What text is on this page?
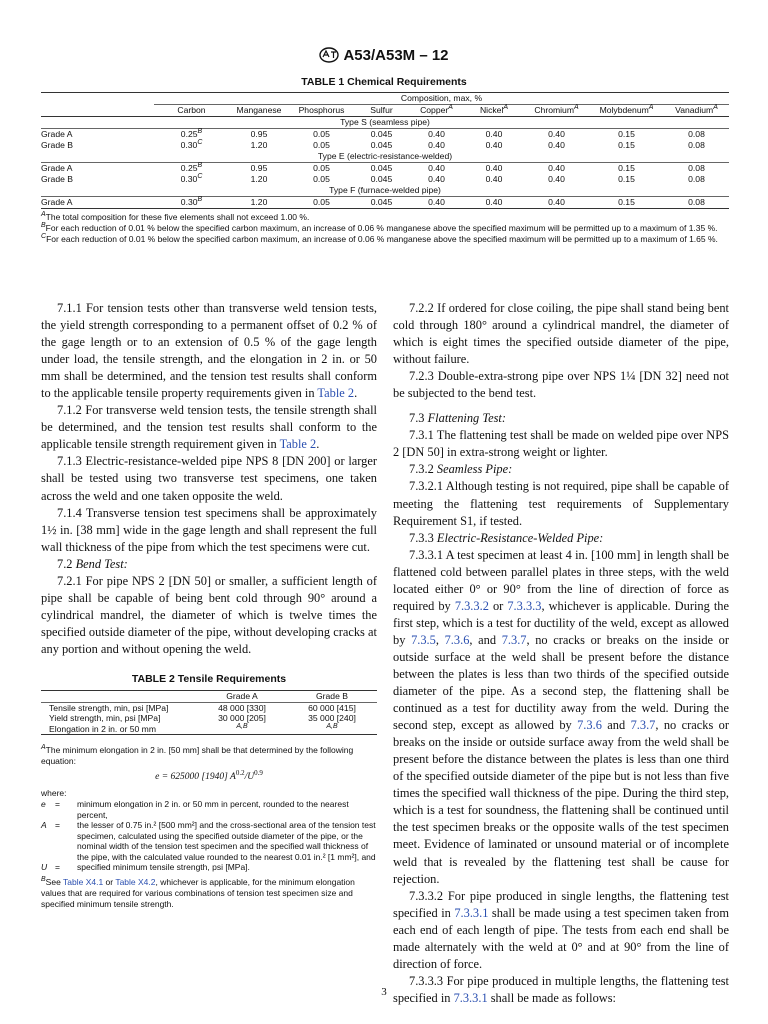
A53/A53M – 12
TABLE 1 Chemical Requirements
	Composition, max, %								
	Carbon	Manganese	Phosphorus	Sulfur	Copper$^A$	Nickel$^A$	Chromium$^A$	Molybdenum$^A$	Vanadium$^A$
Type S (seamless pipe)									
Grade A	$0.25^B$	0.95	0.05	0.045	0.40	0.40	0.40	0.15	0.08
Grade B	$0.30^C$	1.20	0.05	0.045	0.40	0.40	0.40	0.15	0.08
Type E (electric-resistance-welded)									
Grade A	$0.25^B$	0.95	0.05	0.045	0.40	0.40	0.40	0.15	0.08
Grade B	$0.30^C$	1.20	0.05	0.045	0.40	0.40	0.40	0.15	0.08
Type F (furnace-welded pipe)									
Grade A	$0.30^B$	1.20	0.05	0.045	0.40	0.40	0.40	0.15	0.08
$^A$The total composition for these five elements shall not exceed 1.00 %.
$^B$For each reduction of 0.01 % below the specified carbon maximum, an increase of 0.06 % manganese above the specified maximum will be permitted up to a maximum of 1.35 %.
$^C$For each reduction of 0.01 % below the specified carbon maximum, an increase of 0.06 % manganese above the specified maximum will be permitted up to a maximum of 1.65 %.

7.1.1 For tension tests other than transverse weld tension tests, the yield strength corresponding to a permanent offset of 0.2 % of the gage length or to an extension of 0.5 % of the gage length under load, the tensile strength, and the elongation in 2 in. or 50 mm shall be determined, and the tension test results shall conform to the applicable tensile property requirements given in Table 2.

7.1.2 For transverse weld tension tests, the tensile strength shall be determined, and the tension test results shall conform to the applicable tensile strength requirement given in Table 2.

7.1.3 Electric-resistance-welded pipe NPS 8 [DN 200] or larger shall be tested using two transverse test specimens, one taken across the weld and one taken opposite the weld.

7.1.4 Transverse tension test specimens shall be approximately 1½ in. [38 mm] wide in the gage length and shall represent the full wall thickness of the pipe from which the test specimens were cut.

7.2 Bend Test:

7.2.1 For pipe NPS 2 [DN 50] or smaller, a sufficient length of pipe shall be capable of being bent cold through 90° around a cylindrical mandrel, the diameter of which is twelve times the specified outside diameter of the pipe, without developing cracks at any portion and without opening the weld.

TABLE 2 Tensile Requirements
	Grade A	Grade B
Tensile strength, min, psi [MPa]	48 000 [330]	60 000 [415]
Yield strength, min, psi [MPa]	30 000 [205]	35 000 [240]
Elongation in 2 in. or 50 mm	$^{A,B}$	$^{A,B}$
$^A$The minimum elongation in 2 in. [50 mm] shall be that determined by the following equation:
e = 625000 [1940] $A^{0.2}/U^{0.9}$
where:
e	=	minimum elongation in 2 in. or 50 mm in percent, rounded to the nearest percent,
A	=	the lesser of 0.75 in.² [500 mm²] and the cross-sectional area of the tension test specimen, calculated using the specified outside diameter of the pipe, or the nominal width of the tension test specimen and the specified wall thickness of the pipe, with the calculated value rounded to the nearest 0.01 in.² [1 mm²], and
U	=	specified minimum tensile strength, psi [MPa].
$^B$See Table X4.1 or Table X4.2, whichever is applicable, for the minimum elongation values that are required for various combinations of tension test specimen size and specified minimum tensile strength.

7.2.2 If ordered for close coiling, the pipe shall stand being bent cold through 180° around a cylindrical mandrel, the diameter of which is eight times the specified outside diameter of the pipe, without failure.

7.2.3 Double-extra-strong pipe over NPS 1¼ [DN 32] need not be subjected to the bend test.

7.3 Flattening Test:

7.3.1 The flattening test shall be made on welded pipe over NPS 2 [DN 50] in extra-strong weight or lighter.

7.3.2 Seamless Pipe:

7.3.2.1 Although testing is not required, pipe shall be capable of meeting the flattening test requirements of Supplementary Requirement S1, if tested.

7.3.3 Electric-Resistance-Welded Pipe:

7.3.3.1 A test specimen at least 4 in. [100 mm] in length shall be flattened cold between parallel plates in three steps, with the weld located either 0° or 90° from the line of direction of force as required by 7.3.3.2 or 7.3.3.3, whichever is applicable. During the first step, which is a test for ductility of the weld, except as allowed by 7.3.5, 7.3.6, and 7.3.7, no cracks or breaks on the inside or outside surface at the weld shall be present before the distance between the plates is less than two thirds of the specified outside diameter of the pipe. As a second step, the flattening shall be continued as a test for ductility away from the weld. During the second step, except as allowed by 7.3.6 and 7.3.7, no cracks or breaks on the inside or outside surface away from the weld shall be present before the distance between the plates is less than one third of the specified outside diameter of the pipe but is not less than five times the specified wall thickness of the pipe. During the third step, which is a test for soundness, the flattening shall be continued until the test specimen breaks or the opposite walls of the test specimen meet. Evidence of laminated or unsound material or of incomplete weld that is revealed by the flattening test shall be cause for rejection.

7.3.3.2 For pipe produced in single lengths, the flattening test specified in 7.3.3.1 shall be made using a test specimen taken from each end of each length of pipe. The tests from each end shall be made alternately with the weld at 0° and at 90° from the line of direction of force.

7.3.3.3 For pipe produced in multiple lengths, the flattening test specified in 7.3.3.1 shall be made as follows:

3
